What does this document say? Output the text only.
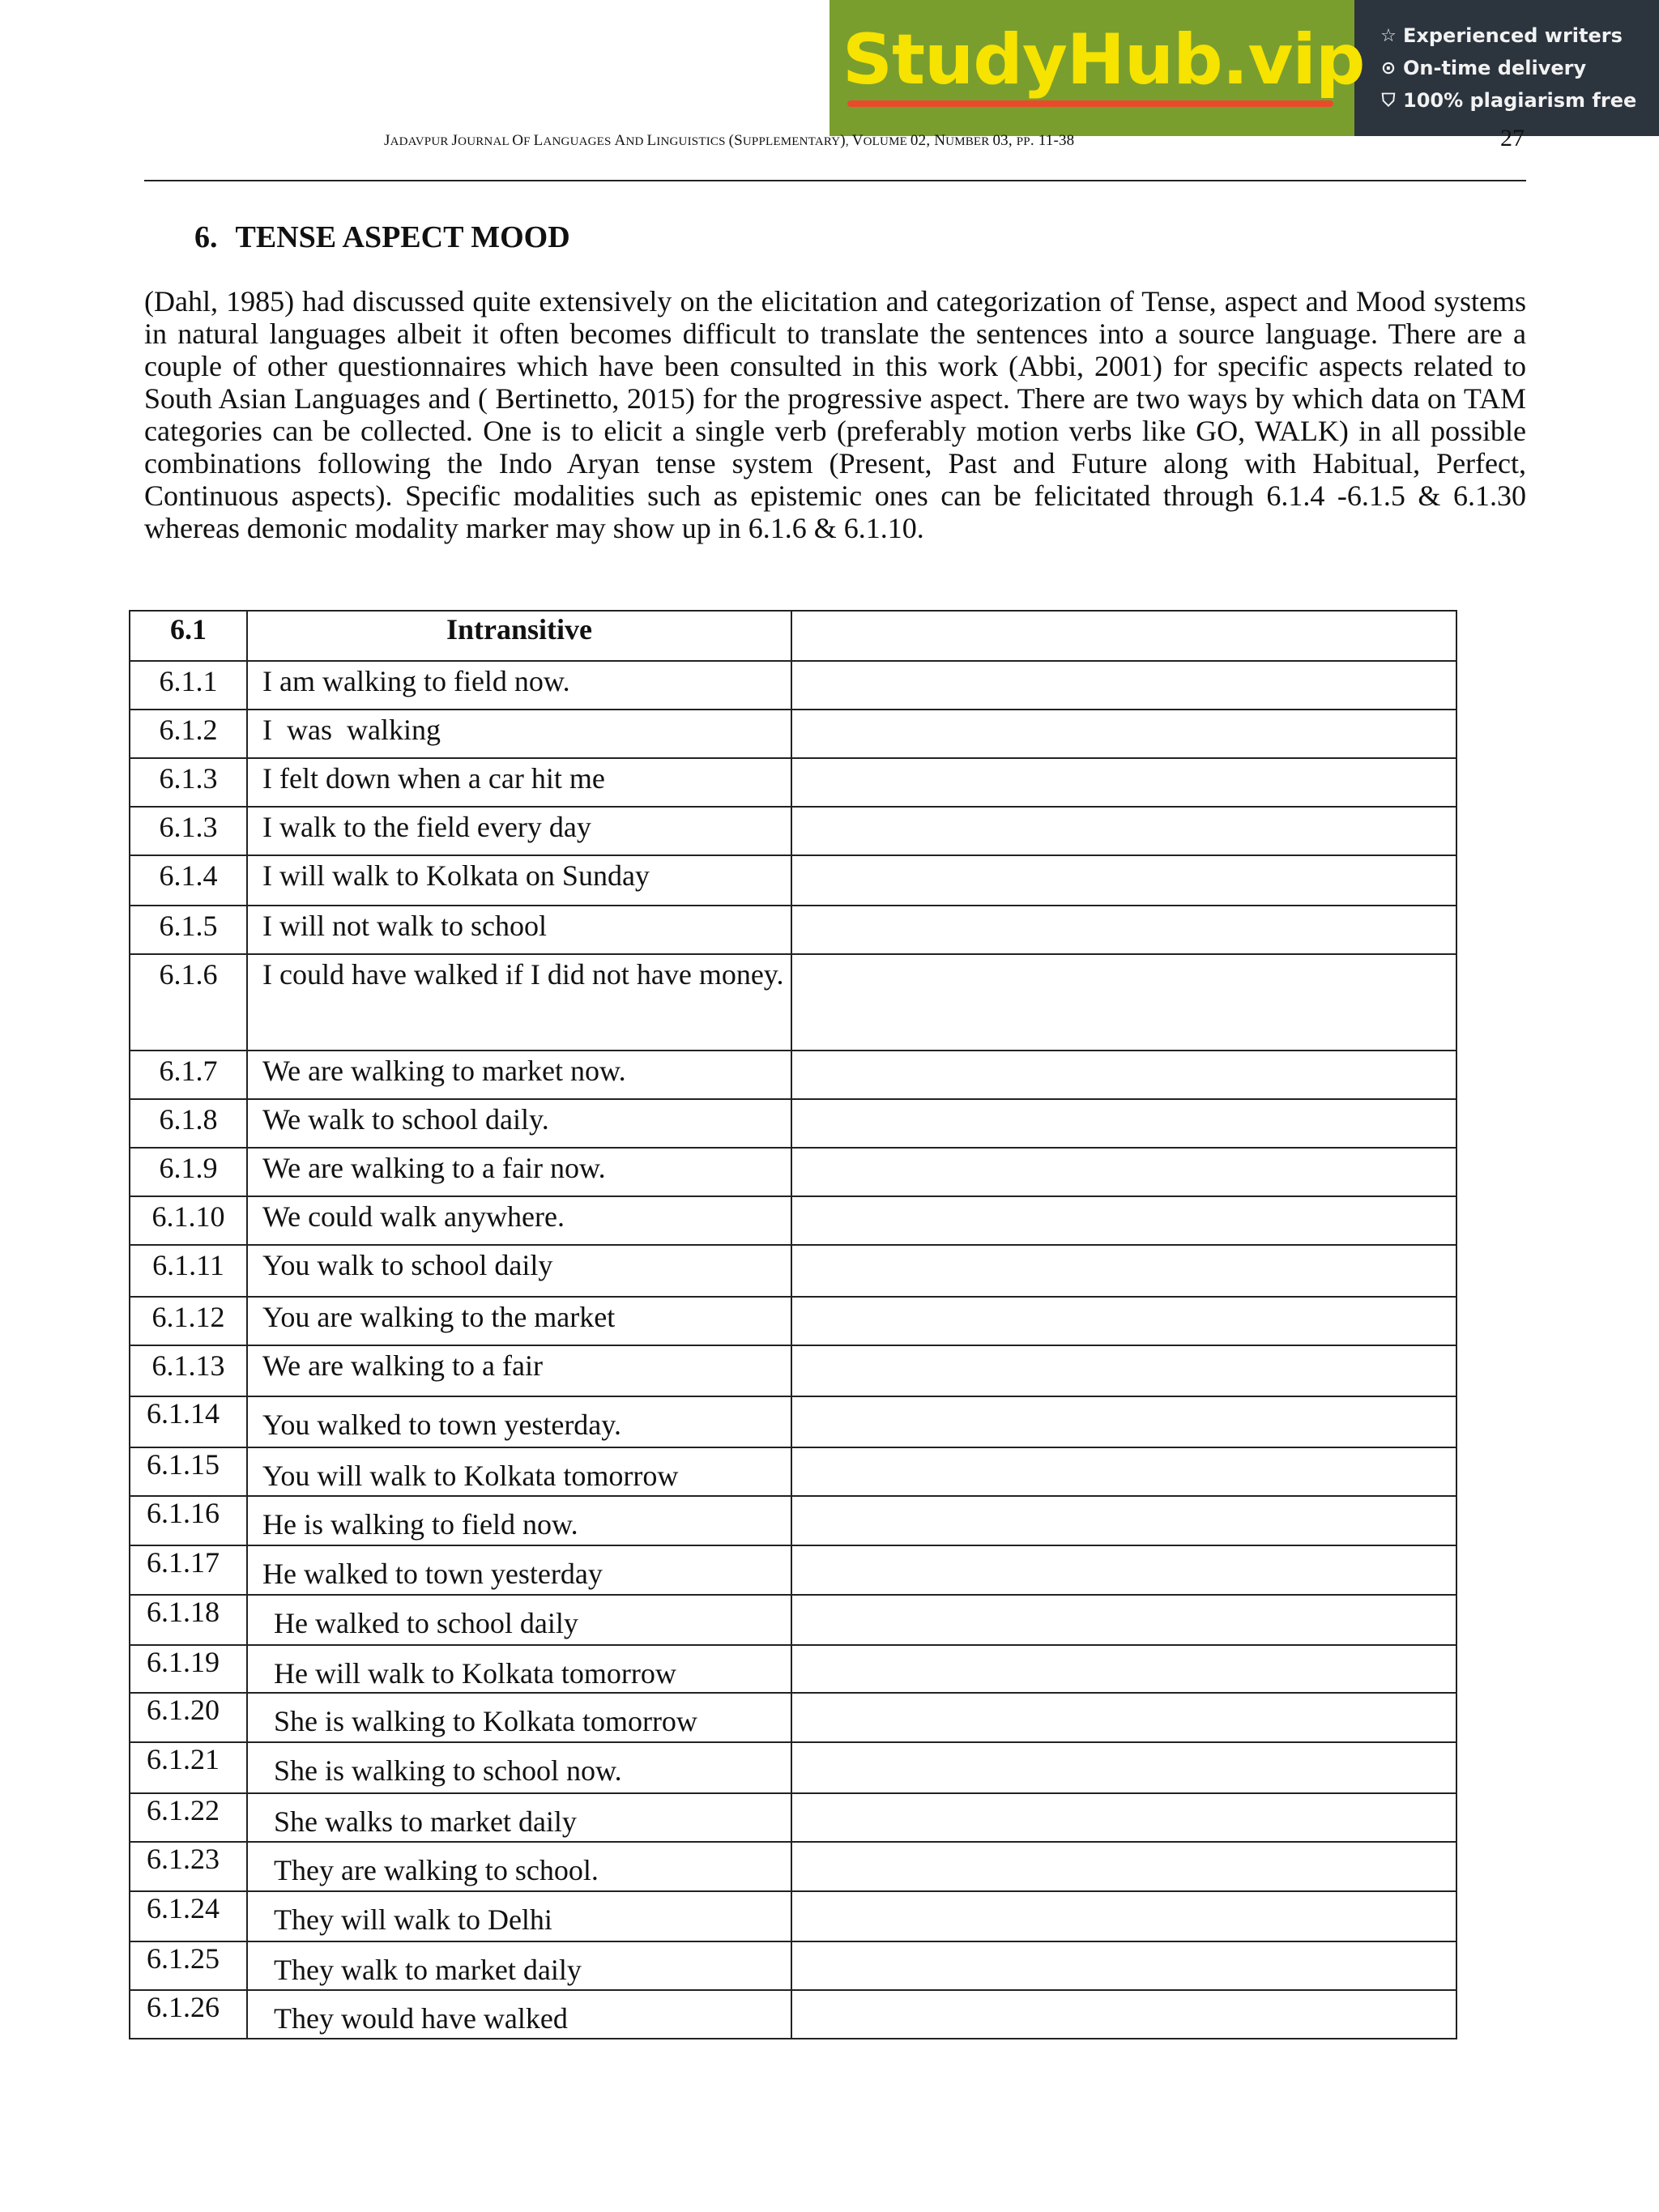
StudyHub.vip ☆ Experienced writers
⊙ On-time delivery
⛉ 100% plagiarism free
JADAVPUR JOURNAL OF LANGUAGES AND LINGUISTICS (SUPPLEMENTARY), VOLUME 02, NUMBER 03, PP. 11-38	27
6. TENSE ASPECT MOOD

(Dahl, 1985) had discussed quite extensively on the elicitation and categorization of Tense, aspect and Mood systems in natural languages albeit it often becomes difficult to translate the sentences into a source language. There are a couple of other questionnaires which have been consulted in this work (Abbi, 2001) for specific aspects related to South Asian Languages and ( Bertinetto, 2015) for the progressive aspect. There are two ways by which data on TAM categories can be collected. One is to elicit a single verb (preferably motion verbs like GO, WALK) in all possible combinations following the Indo Aryan tense system (Present, Past and Future along with Habitual, Perfect, Continuous aspects). Specific modalities such as epistemic ones can be felicitated through 6.1.4 -6.1.5 & 6.1.30 whereas demonic modality marker may show up in 6.1.6 & 6.1.10.

6.1	Intransitive	
6.1.1	I am walking to field now.	
6.1.2	I  was  walking	
6.1.3	I felt down when a car hit me	
6.1.3	I walk to the field every day	
6.1.4	I will walk to Kolkata on Sunday	
6.1.5	I will not walk to school	
6.1.6	I could have walked if I did not have money.	
6.1.7	We are walking to market now.	
6.1.8	We walk to school daily.	
6.1.9	We are walking to a fair now.	
6.1.10	We could walk anywhere.	
6.1.11	You walk to school daily	
6.1.12	You are walking to the market	
6.1.13	We are walking to a fair	
6.1.14	You walked to town yesterday.	
6.1.15	You will walk to Kolkata tomorrow	
6.1.16	He is walking to field now.	
6.1.17	He walked to town yesterday	
6.1.18	He walked to school daily	
6.1.19	He will walk to Kolkata tomorrow	
6.1.20	She is walking to Kolkata tomorrow	
6.1.21	She is walking to school now.	
6.1.22	She walks to market daily	
6.1.23	They are walking to school.	
6.1.24	They will walk to Delhi	
6.1.25	They walk to market daily	
6.1.26	They would have walked	
